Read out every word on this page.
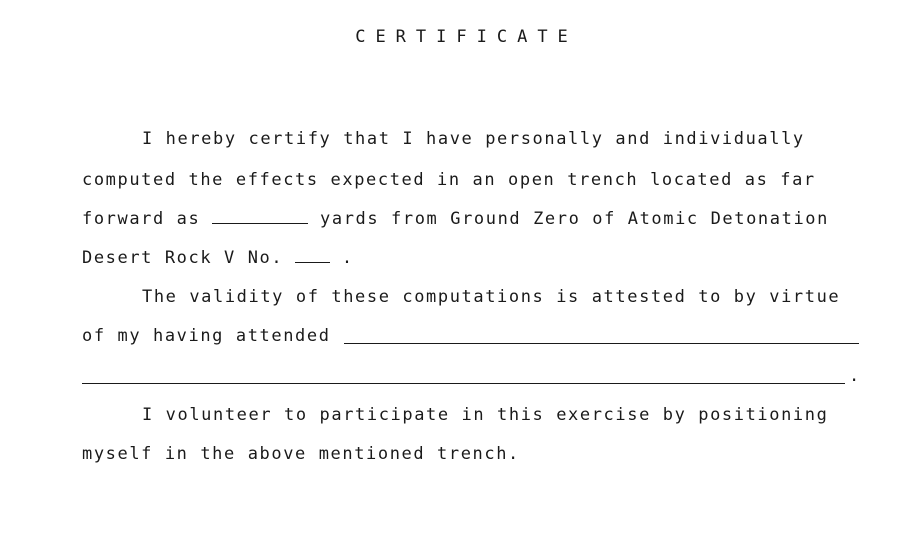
CERTIFICATE
I hereby certify that I have personally and individually
computed the effects expected in an open trench located as far
forward as	yards from Ground Zero of Atomic Detonation
Desert Rock V No.	.
The validity of these computations is attested to by virtue
of my having attended
.
I volunteer to participate in this exercise by positioning
myself in the above mentioned trench.
